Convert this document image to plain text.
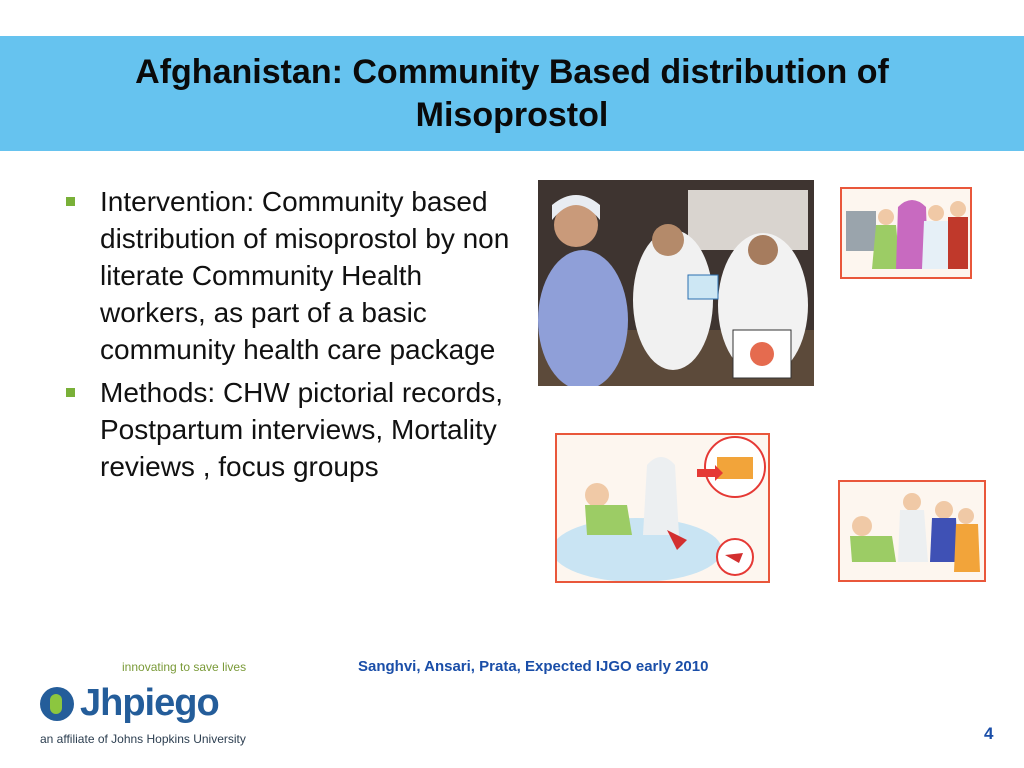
Afghanistan: Community Based distribution of Misoprostol
Intervention: Community based distribution of misoprostol by non literate Community Health workers, as part of a basic community health care package
Methods: CHW pictorial records, Postpartum interviews, Mortality reviews , focus groups
Sanghvi, Ansari, Prata, Expected IJGO early 2010
innovating to save lives
Jhpiego
an affiliate of Johns Hopkins University	4
